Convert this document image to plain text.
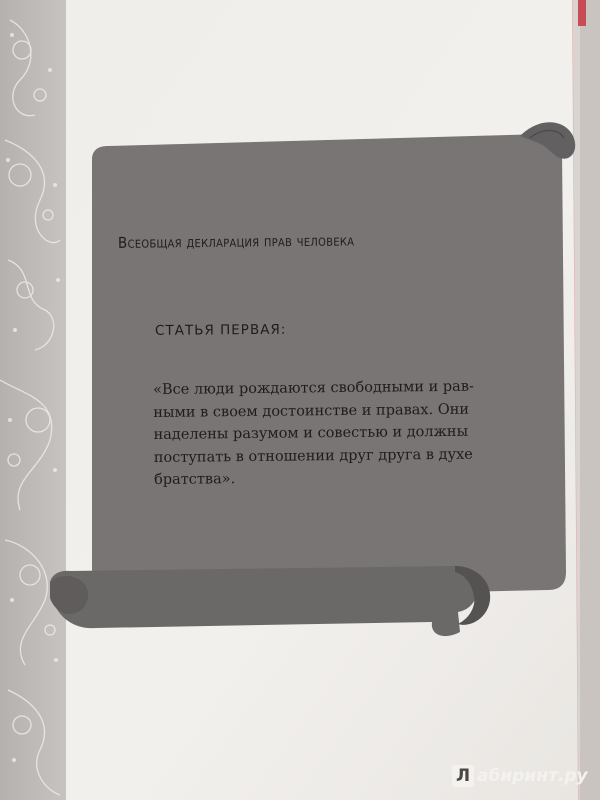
Всеобщая декларация прав человека
СТАТЬЯ ПЕРВАЯ:
«Все люди рождаются свободными и рав-
ными в своем достоинстве и правах. Они
наделены разумом и совестью и должны
поступать в отношении друг друга в духе
братства».
Л абиринт.ру
